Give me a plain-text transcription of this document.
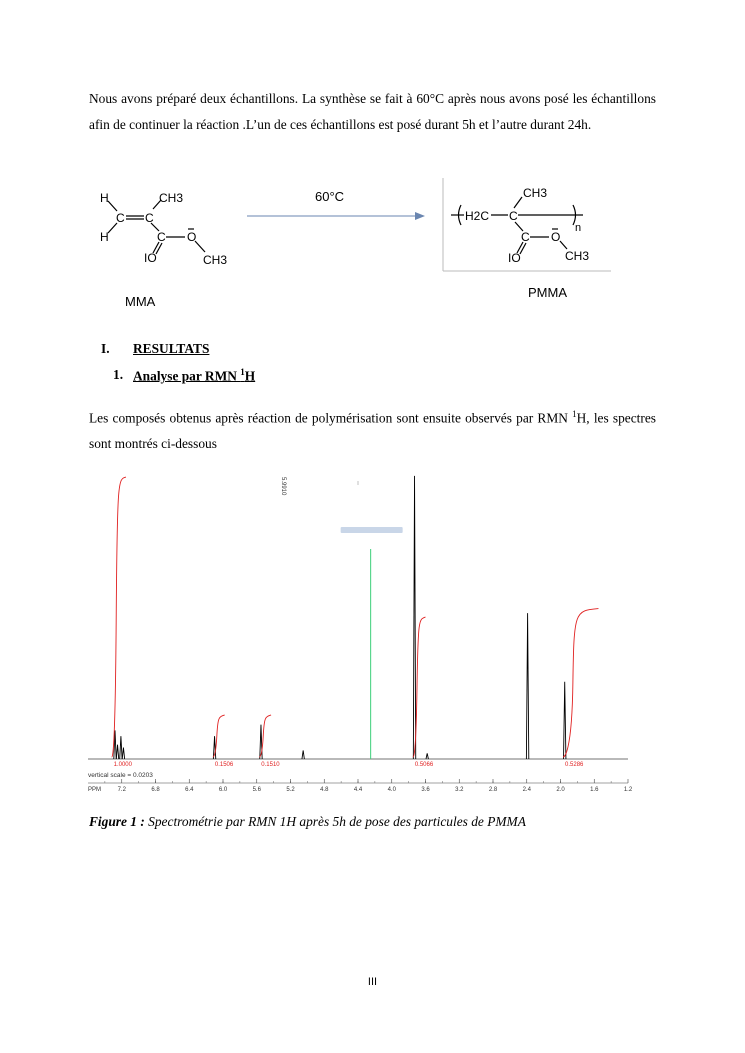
Nous avons préparé deux échantillons. La synthèse se fait à 60°C après nous avons posé les échantillons afin de continuer la réaction .L’un de ces échantillons est posé durant 5h et l’autre durant 24h.

H
H
C C
CH3
C O
IO	CH3
MMA
60°C
H2C C
CH3
C O
IO	CH3
n
PMMA
I. RESULTATS
1. Analyse par RMN $^1$H

Les composés obtenus après réaction de polymérisation sont ensuite observés par RMN $^1$H, les spectres sont montrés ci-dessous

7.2	6.8	6.4	6.0	5.6	5.2	4.8	4.4	4.0	3.6	3.2	2.8	2.4	2.0	1.6	1.2
PPM
vertical scale = 0.0203
5.9910
1.0000	0.1506	0.1510	0.5066	0.5286
Figure 1 : Spectrométrie par RMN 1H après 5h de pose des particules de PMMA
III
